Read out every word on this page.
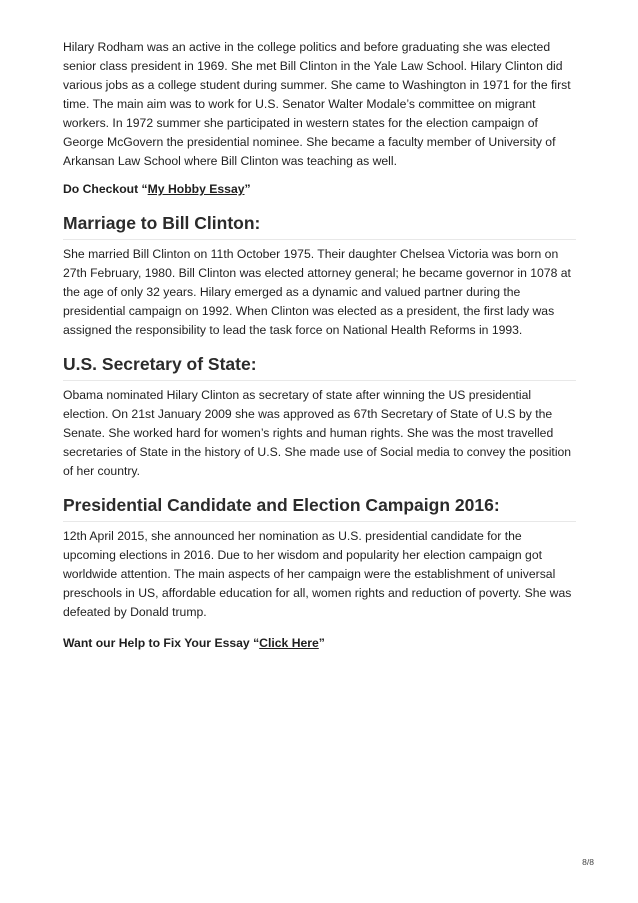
Hilary Rodham was an active in the college politics and before graduating she was elected senior class president in 1969. She met Bill Clinton in the Yale Law School. Hilary Clinton did various jobs as a college student during summer. She came to Washington in 1971 for the first time. The main aim was to work for U.S. Senator Walter Modale’s committee on migrant workers. In 1972 summer she participated in western states for the election campaign of George McGovern the presidential nominee. She became a faculty member of University of Arkansan Law School where Bill Clinton was teaching as well.

Do Checkout “My Hobby Essay”
Marriage to Bill Clinton:

She married Bill Clinton on 11th October 1975. Their daughter Chelsea Victoria was born on 27th February, 1980. Bill Clinton was elected attorney general; he became governor in 1078 at the age of only 32 years. Hilary emerged as a dynamic and valued partner during the presidential campaign on 1992. When Clinton was elected as a president, the first lady was assigned the responsibility to lead the task force on National Health Reforms in 1993.

U.S. Secretary of State:

Obama nominated Hilary Clinton as secretary of state after winning the US presidential election. On 21st January 2009 she was approved as 67th Secretary of State of U.S by the Senate. She worked hard for women’s rights and human rights. She was the most travelled secretaries of State in the history of U.S. She made use of Social media to convey the position of her country.

Presidential Candidate and Election Campaign 2016:

12th April 2015, she announced her nomination as U.S. presidential candidate for the upcoming elections in 2016. Due to her wisdom and popularity her election campaign got worldwide attention. The main aspects of her campaign were the establishment of universal preschools in US, affordable education for all, women rights and reduction of poverty. She was defeated by Donald trump.

Want our Help to Fix Your Essay “Click Here”
8/8
